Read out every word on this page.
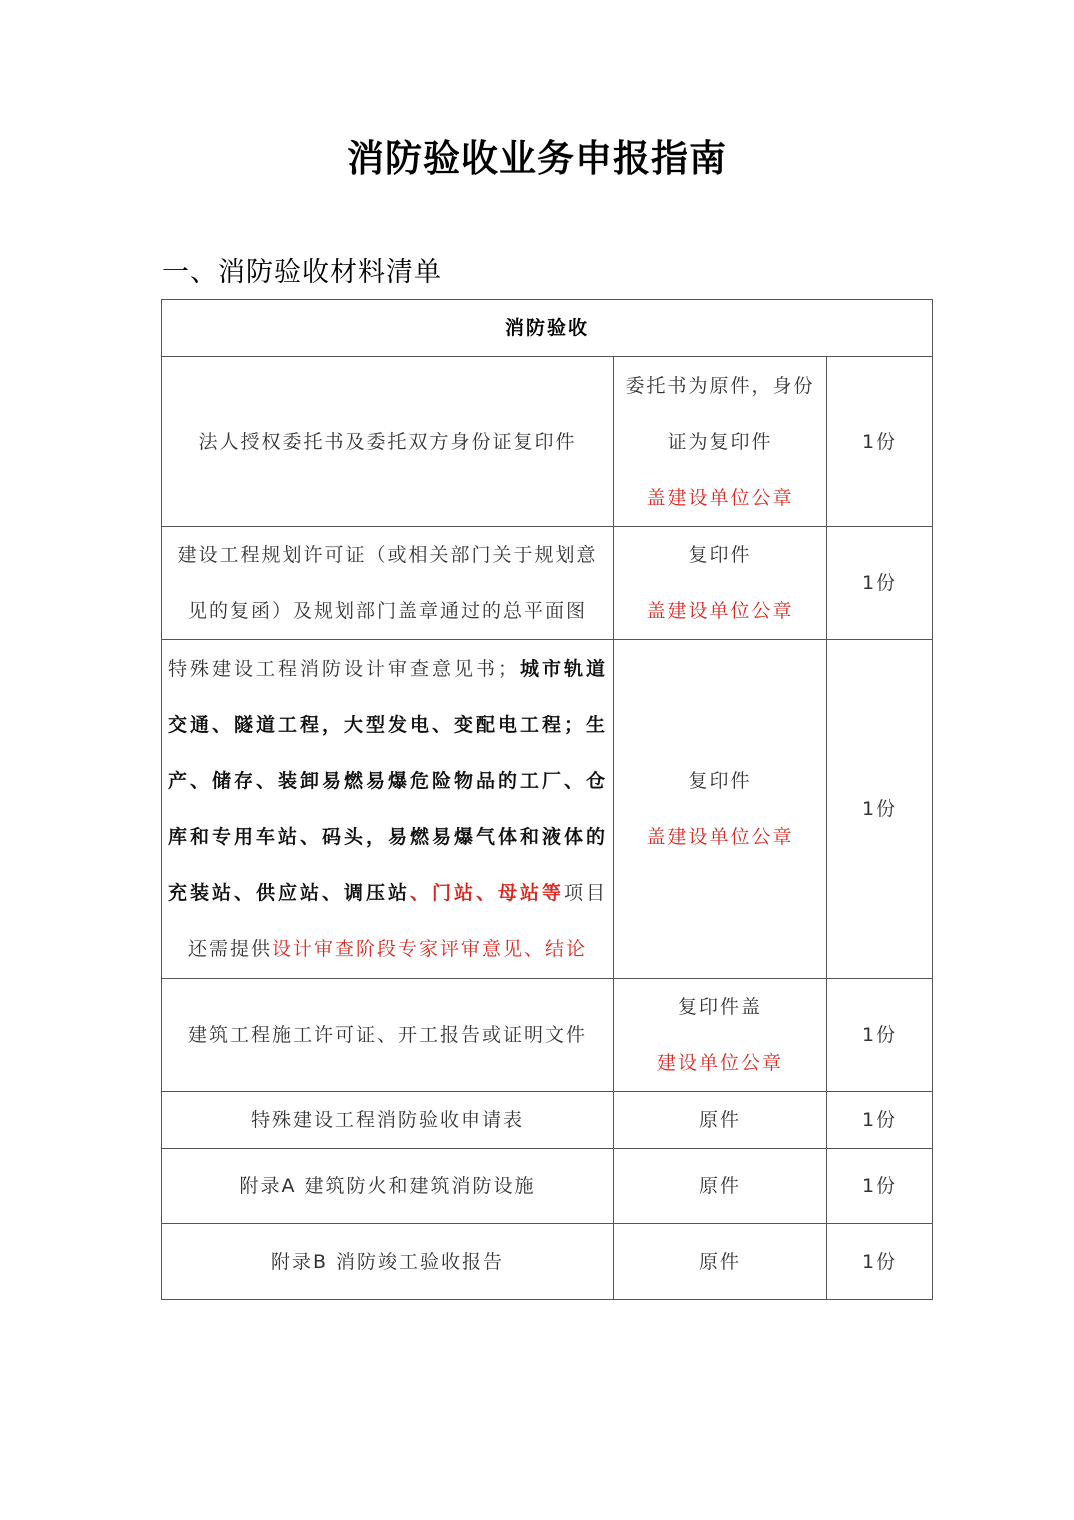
消防验收业务申报指南
一、消防验收材料清单
消防验收		
法人授权委托书及委托双方身份证复印件	委托书为原件，身份
证为复印件
盖建设单位公章	1份

建设工程规划许可证（或相关部门关于规划意
见的复函）及规划部门盖章通过的总平面图	复印件
盖建设单位公章	1份
特殊建设工程消防设计审查意见书；城市轨道交通、隧道工程，大型发电、变配电工程；生产、储存、装卸易燃易爆危险物品的工厂、仓库和专用车站、码头，易燃易爆气体和液体的充装站、供应站、调压站、门站、母站等项目还需提供设计审查阶段专家评审意见、结论	复印件
盖建设单位公章	1份
建筑工程施工许可证、开工报告或证明文件	复印件盖
建设单位公章	1份
特殊建设工程消防验收申请表	原件	1份
附录A 建筑防火和建筑消防设施	原件	1份
附录B 消防竣工验收报告	原件	1份
